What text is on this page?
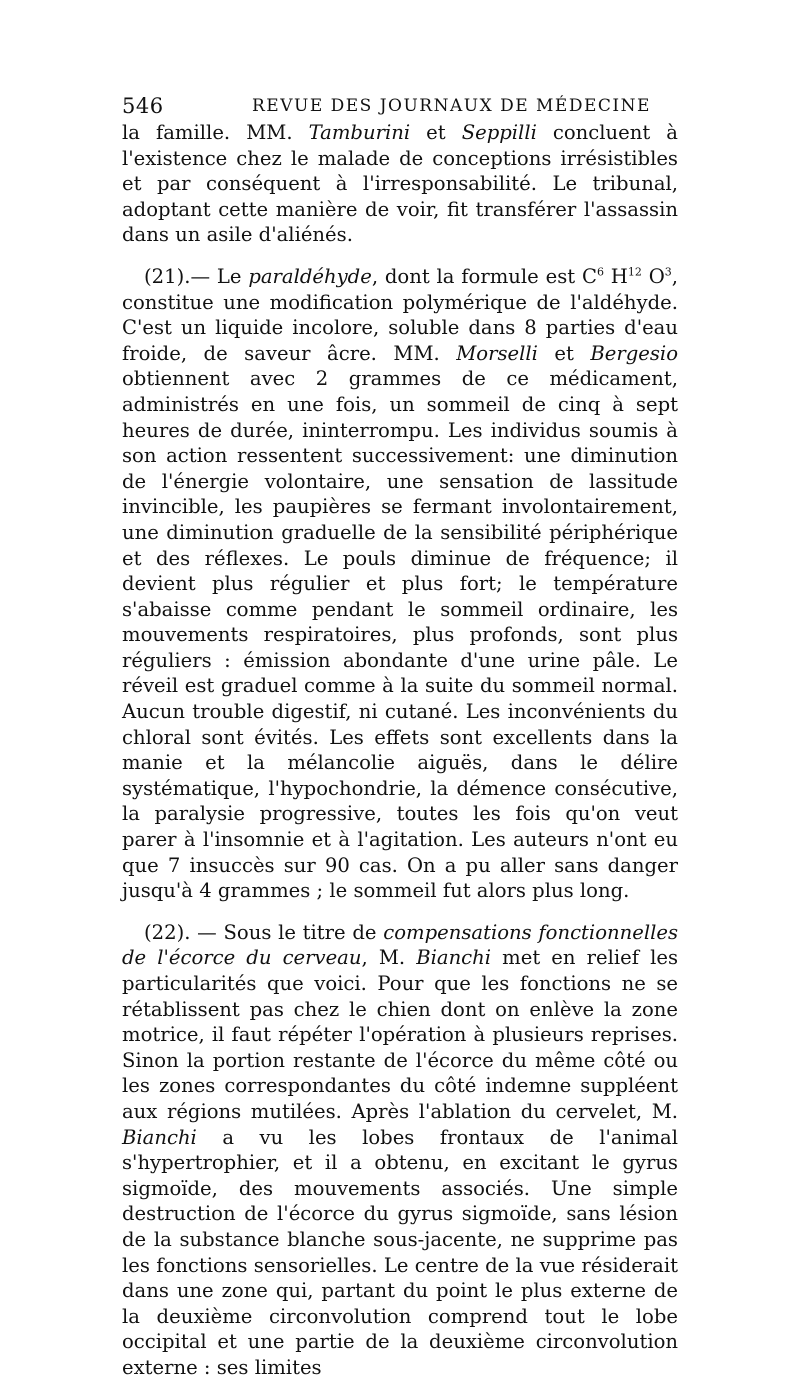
546	REVUE DES JOURNAUX DE MÉDECINE

la famille. MM. Tamburini et Seppilli concluent à l'existence chez le malade de conceptions irrésistibles et par conséquent à l'irresponsabilité. Le tribunal, adoptant cette manière de voir, fit transférer l'assassin dans un asile d'aliénés.

(21).— Le paraldéhyde, dont la formule est $C^6$ $H^{12}$ $O^3$, constitue une modification polymérique de l'aldéhyde. C'est un liquide incolore, soluble dans 8 parties d'eau froide, de saveur âcre. MM. Morselli et Bergesio obtiennent avec 2 grammes de ce médicament, administrés en une fois, un sommeil de cinq à sept heures de durée, ininterrompu. Les individus soumis à son action ressentent successivement: une diminution de l'énergie volontaire, une sensation de lassitude invincible, les paupières se fermant involontairement, une diminution graduelle de la sensibilité périphérique et des réflexes. Le pouls diminue de fréquence; il devient plus régulier et plus fort; le température s'abaisse comme pendant le sommeil ordinaire, les mouvements respiratoires, plus profonds, sont plus réguliers : émission abondante d'une urine pâle. Le réveil est graduel comme à la suite du sommeil normal. Aucun trouble digestif, ni cutané. Les inconvénients du chloral sont évités. Les effets sont excellents dans la manie et la mélancolie aiguës, dans le délire systématique, l'hypochondrie, la démence consécutive, la paralysie progressive, toutes les fois qu'on veut parer à l'insomnie et à l'agitation. Les auteurs n'ont eu que 7 insuccès sur 90 cas. On a pu aller sans danger jusqu'à 4 grammes ; le sommeil fut alors plus long.

(22). — Sous le titre de compensations fonctionnelles de l'écorce du cerveau, M. Bianchi met en relief les particularités que voici. Pour que les fonctions ne se rétablissent pas chez le chien dont on enlève la zone motrice, il faut répéter l'opération à plusieurs reprises. Sinon la portion restante de l'écorce du même côté ou les zones correspondantes du côté indemne suppléent aux régions mutilées. Après l'ablation du cervelet, M. Bianchi a vu les lobes frontaux de l'animal s'hypertrophier, et il a obtenu, en excitant le gyrus sigmoïde, des mouvements associés. Une simple destruction de l'écorce du gyrus sigmoïde, sans lésion de la substance blanche sous-jacente, ne supprime pas les fonctions sensorielles. Le centre de la vue résiderait dans une zone qui, partant du point le plus externe de la deuxième circonvolution comprend tout le lobe occipital et une partie de la deuxième circonvolution externe : ses limites
